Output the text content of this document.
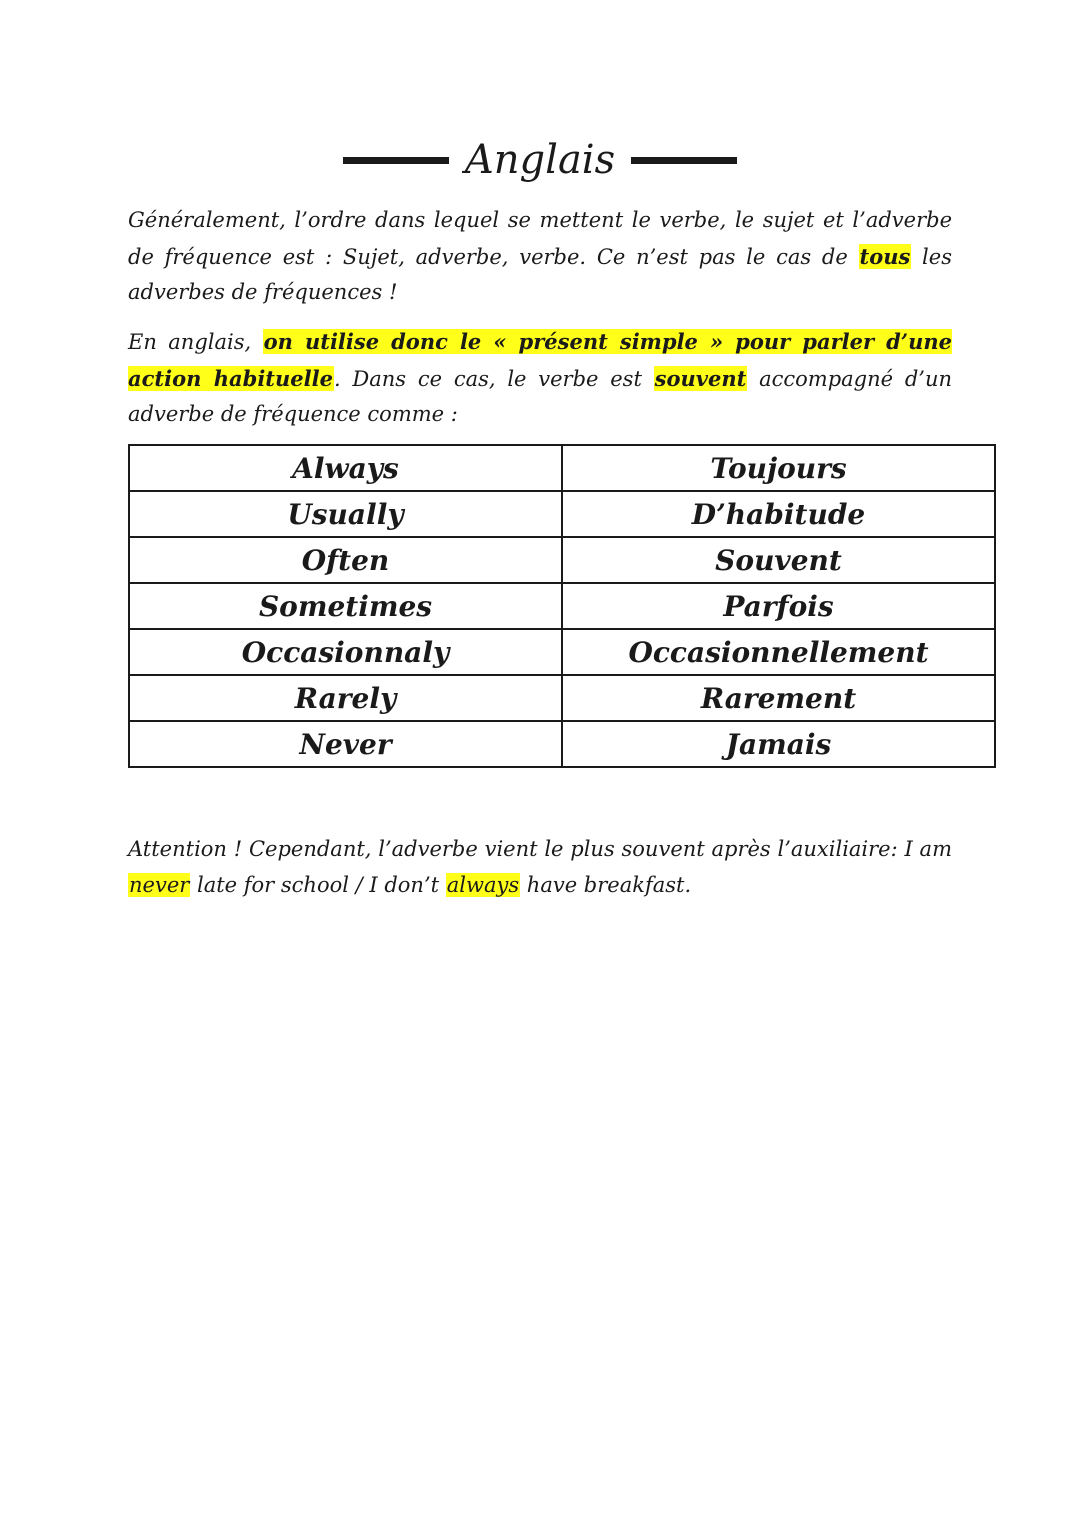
Anglais
Généralement, l’ordre dans lequel se mettent le verbe, le sujet et l’adverbe de fréquence est : Sujet, adverbe, verbe. Ce n’est pas le cas de tous les adverbes de fréquences !
En anglais, on utilise donc le « présent simple » pour parler d’une action habituelle. Dans ce cas, le verbe est souvent accompagné d’un adverbe de fréquence comme :
Always	Toujours
Usually	D’habitude
Often	Souvent
Sometimes	Parfois
Occasionnaly	Occasionnellement
Rarely	Rarement
Never	Jamais
Attention ! Cependant, l’adverbe vient le plus souvent après l’auxiliaire: I am never late for school / I don’t always have breakfast.
